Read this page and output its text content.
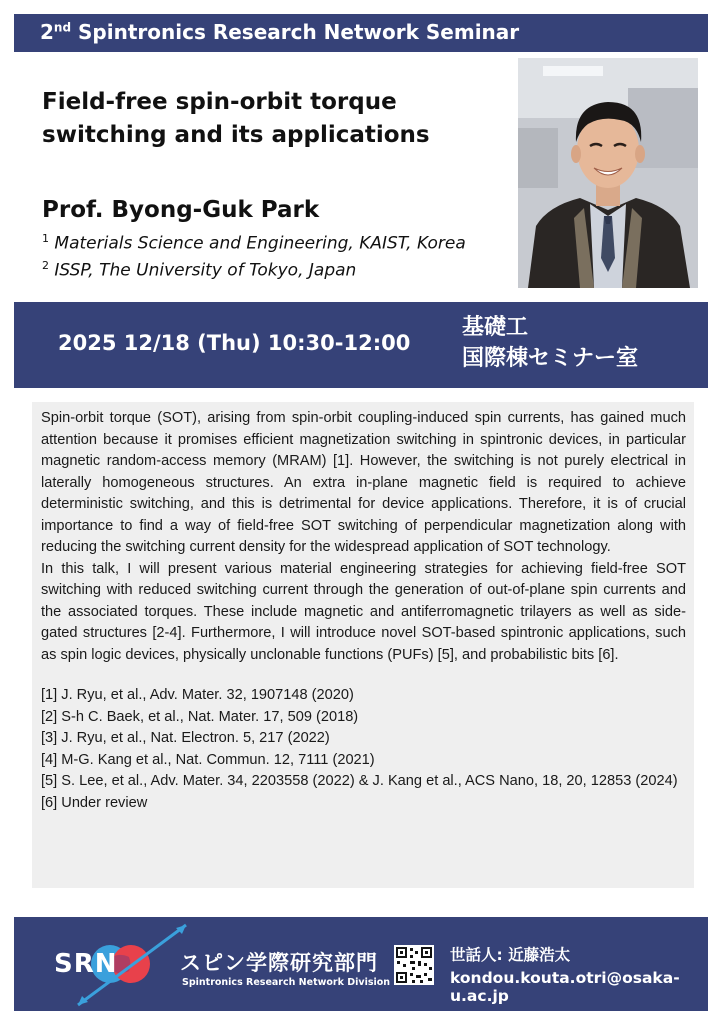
2nd Spintronics Research Network Seminar
Field-free spin-orbit torque
switching and its applications
Prof. Byong-Guk Park
$^1$ Materials Science and Engineering, KAIST, Korea
$^2$ ISSP, The University of Tokyo, Japan
2025 12/18 (Thu) 10:30-12:00
基礎工
国際棟セミナー室

Spin-orbit torque (SOT), arising from spin-orbit coupling-induced spin currents, has gained much attention because it promises efficient magnetization switching in spintronic devices, in particular magnetic random-access memory (MRAM) [1]. However, the switching is not purely electrical in laterally homogeneous structures. An extra in-plane magnetic field is required to achieve deterministic switching, and this is detrimental for device applications. Therefore, it is of crucial importance to find a way of field-free SOT switching of perpendicular magnetization along with reducing the switching current density for the widespread application of SOT technology.

In this talk, I will present various material engineering strategies for achieving field-free SOT switching with reduced switching current through the generation of out-of-plane spin currents and the associated torques. These include magnetic and antiferromagnetic trilayers as well as side-gated structures [2-4]. Furthermore, I will introduce novel SOT-based spintronic applications, such as spin logic devices, physically unclonable functions (PUFs) [5], and probabilistic bits [6].

[1] J. Ryu, et al., Adv. Mater. 32, 1907148 (2020)
[2] S-h C. Baek, et al., Nat. Mater. 17, 509 (2018)
[3] J. Ryu, et al., Nat. Electron. 5, 217 (2022)
[4] M-G. Kang et al., Nat. Commun. 12, 7111 (2021)
[5] S. Lee, et al., Adv. Mater. 34, 2203558 (2022) & J. Kang et al., ACS Nano, 18, 20, 12853 (2024)
[6] Under review
SRN	スピン学際研究部門
Spintronics Research Network Division
世話人: 近藤浩太
kondou.kouta.otri@osaka-u.ac.jp
